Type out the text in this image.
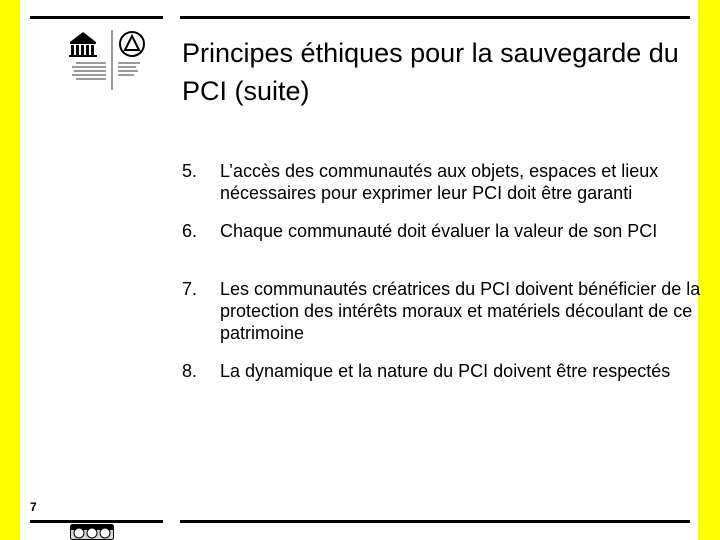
Principes éthiques pour la sauvegarde du PCI (suite)
5. L’accès des communautés aux objets, espaces et lieux nécessaires pour exprimer leur PCI doit être garanti
6. Chaque communauté doit évaluer la valeur de son PCI
7. Les communautés créatrices du PCI doivent bénéficier de la protection des intérêts moraux et matériels découlant de ce patrimoine
8. La dynamique et la nature du PCI doivent être respectés
7
